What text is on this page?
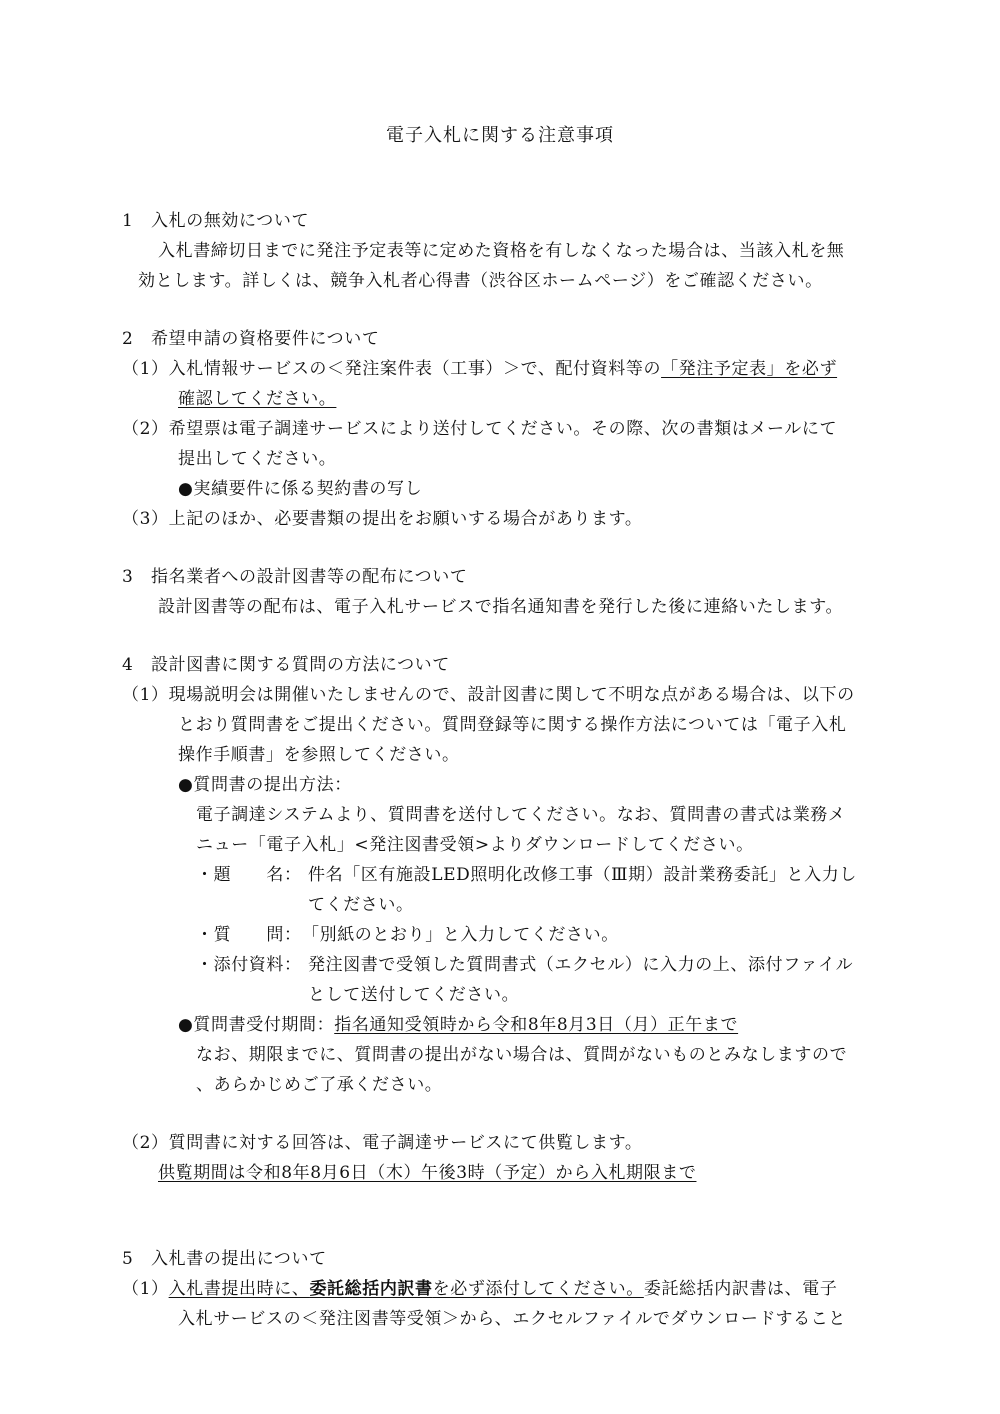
電子入札に関する注意事項
1　入札の無効について
入札書締切日までに発注予定表等に定めた資格を有しなくなった場合は、当該入札を無
効とします。詳しくは、競争入札者心得書（渋谷区ホームページ）をご確認ください。
2　希望申請の資格要件について
（1）入札情報サービスの＜発注案件表（工事）＞で、配付資料等の「発注予定表」を必ず
確認してください。
（2）希望票は電子調達サービスにより送付してください。その際、次の書類はメールにて
提出してください。
●実績要件に係る契約書の写し
（3）上記のほか、必要書類の提出をお願いする場合があります。
3　指名業者への設計図書等の配布について
設計図書等の配布は、電子入札サービスで指名通知書を発行した後に連絡いたします。
4　設計図書に関する質問の方法について
（1）現場説明会は開催いたしませんので、設計図書に関して不明な点がある場合は、以下の
とおり質問書をご提出ください。質問登録等に関する操作方法については「電子入札
操作手順書」を参照してください。
●質問書の提出方法：
電子調達システムより、質問書を送付してください。なお、質問書の書式は業務メ
ニュー「電子入札」<発注図書受領>よりダウンロードしてください。
・題　　名： 件名「区有施設LED照明化改修工事（Ⅲ期）設計業務委託」と入力し
てください。
・質　　問： 「別紙のとおり」と入力してください。
・添付資料： 発注図書で受領した質問書式（エクセル）に入力の上、添付ファイル
として送付してください。
●質問書受付期間：指名通知受領時から令和8年8月3日（月）正午まで
なお、期限までに、質問書の提出がない場合は、質問がないものとみなしますので
、あらかじめご了承ください。
（2）質問書に対する回答は、電子調達サービスにて供覧します。
供覧期間は令和8年8月6日（木）午後3時（予定）から入札期限まで
5　入札書の提出について
（1）入札書提出時に、委託総括内訳書を必ず添付してください。委託総括内訳書は、電子
入札サービスの＜発注図書等受領＞から、エクセルファイルでダウンロードすること
